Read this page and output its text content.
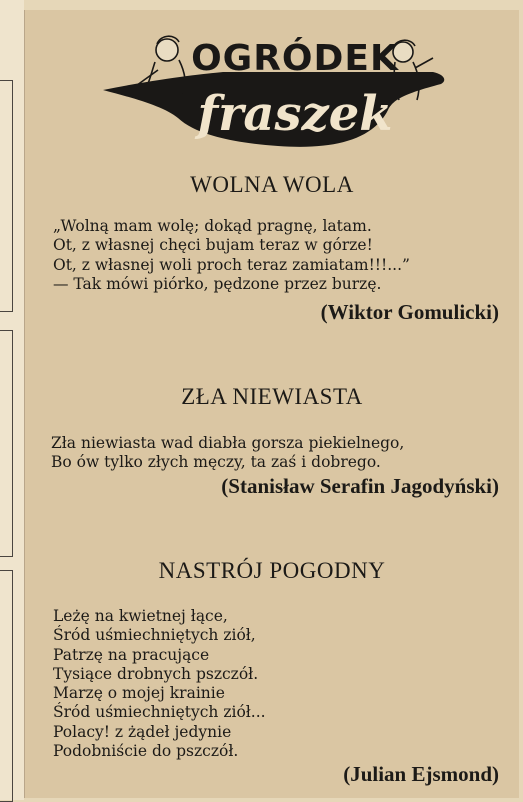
OGRÓDEK
fraszek
WOLNA WOLA
„Wolną mam wolę; dokąd pragnę, latam.
Ot, z własnej chęci bujam teraz w górze!
Ot, z własnej woli proch teraz zamiatam!!!...”
— Tak mówi piórko, pędzone przez burzę.
(Wiktor Gomulicki)
ZŁA NIEWIASTA
Zła niewiasta wad diabła gorsza piekielnego,
Bo ów tylko złych męczy, ta zaś i dobrego.
(Stanisław Serafin Jagodyński)
NASTRÓJ POGODNY
Leżę na kwietnej łące,
Śród uśmiechniętych ziół,
Patrzę na pracujące
Tysiące drobnych pszczół.
Marzę o mojej krainie
Śród uśmiechniętych ziół...
Polacy! z żądeł jedynie
Podobniście do pszczół.
(Julian Ejsmond)
